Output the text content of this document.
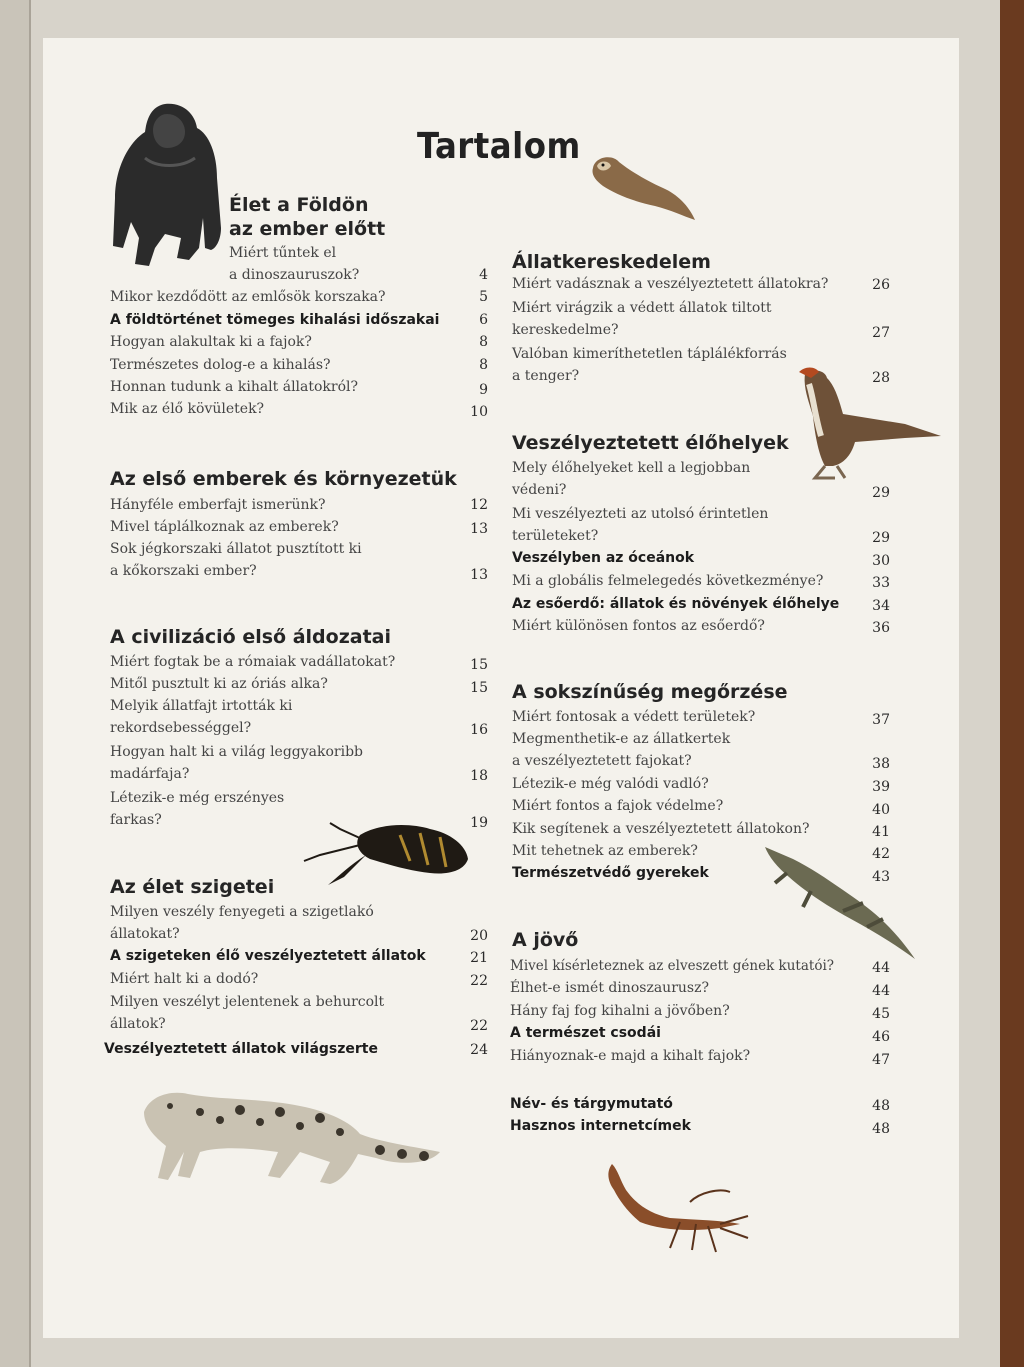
Tartalom
Élet a Földön
az ember előtt
Miért tűntek el
a dinoszauruszok?	4
Mikor kezdődött az emlősök korszaka?	5
A földtörténet tömeges kihalási időszakai	6
Hogyan alakultak ki a fajok?	8
Természetes dolog-e a kihalás?	8
Honnan tudunk a kihalt állatokról?	9
Mik az élő kövületek?	10
Az első emberek és környezetük
Hányféle emberfajt ismerünk?	12
Mivel táplálkoznak az emberek?	13
Sok jégkorszaki állatot pusztított ki
a kőkorszaki ember?	13
A civilizáció első áldozatai
Miért fogtak be a rómaiak vadállatokat?	15
Mitől pusztult ki az óriás alka?	15
Melyik állatfajt irtották ki
rekordsebességgel?	16
Hogyan halt ki a világ leggyakoribb
madárfaja?	18
Létezik-e még erszényes
farkas?	19
Az élet szigetei
Milyen veszély fenyegeti a szigetlakó
állatokat?	20
A szigeteken élő veszélyeztetett állatok	21
Miért halt ki a dodó?	22
Milyen veszélyt jelentenek a behurcolt
állatok?	22
Veszélyeztetett állatok világszerte	24
Állatkereskedelem
Miért vadásznak a veszélyeztetett állatokra?	26
Miért virágzik a védett állatok tiltott
kereskedelme?	27
Valóban kimeríthetetlen táplálékforrás
a tenger?	28
Veszélyeztetett élőhelyek
Mely élőhelyeket kell a legjobban
védeni?	29
Mi veszélyezteti az utolsó érintetlen
területeket?	29
Veszélyben az óceánok	30
Mi a globális felmelegedés következménye?	33
Az esőerdő: állatok és növények élőhelye	34
Miért különösen fontos az esőerdő?	36
A sokszínűség megőrzése
Miért fontosak a védett területek?	37
Megmenthetik-e az állatkertek
a veszélyeztetett fajokat?	38
Létezik-e még valódi vadló?	39
Miért fontos a fajok védelme?	40
Kik segítenek a veszélyeztetett állatokon?	41
Mit tehetnek az emberek?	42
Természetvédő gyerekek	43
A jövő
Mivel kísérleteznek az elveszett gének kutatói?	44
Élhet-e ismét dinoszaurusz?	44
Hány faj fog kihalni a jövőben?	45
A természet csodái	46
Hiányoznak-e majd a kihalt fajok?	47
Név- és tárgymutató	48
Hasznos internetcímek	48
